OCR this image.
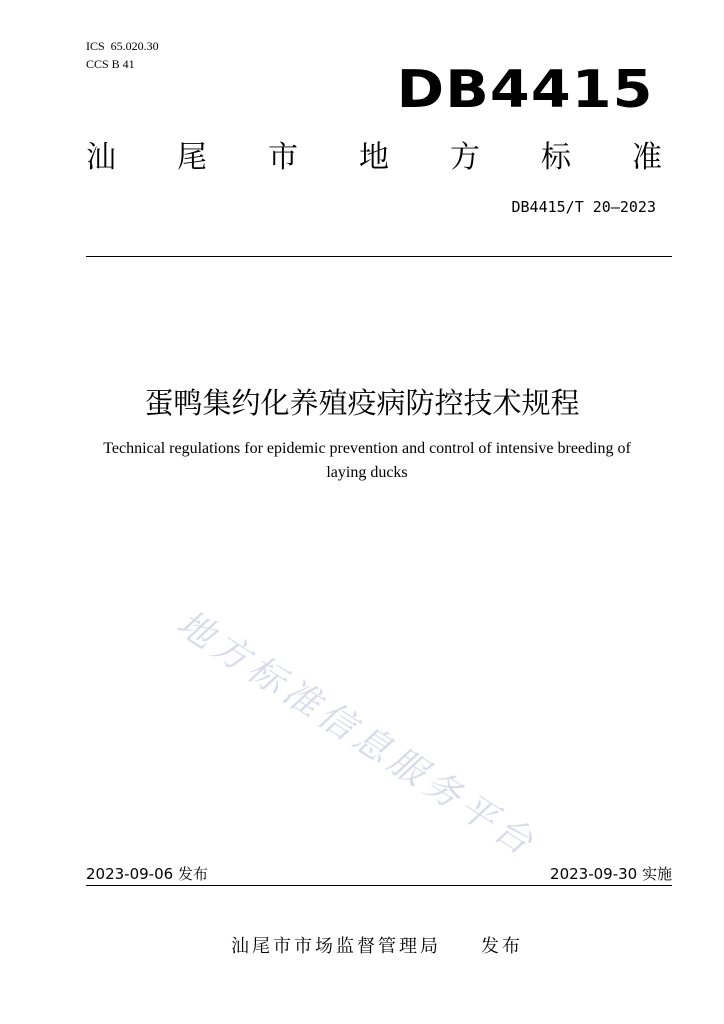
ICS  65.020.30
CCS B 41	DB4415
汕 尾 市 地 方 标 准
DB4415/T 20—2023
蛋鸭集约化养殖疫病防控技术规程
Technical regulations for epidemic prevention and control of intensive breeding of
laying ducks
地方标准信息服务平台
2023-09-06 发布	2023-09-30 实施
汕尾市市场监督管理局 发布
